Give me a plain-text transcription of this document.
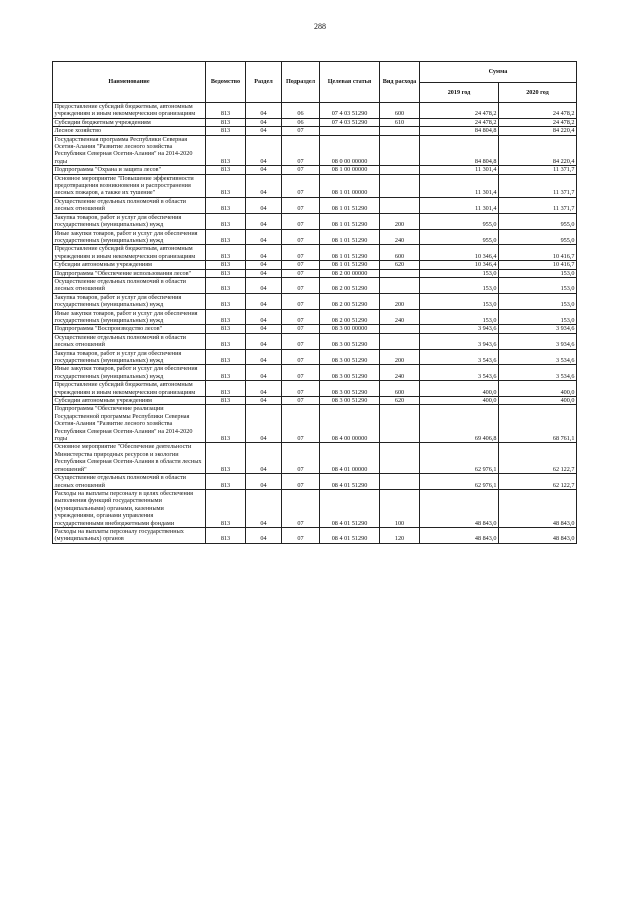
288
Наименование	Ведомство	Раздел	Подраздел	Целевая статья	Вид расхода	Сумма	
						2019 год	2020 год
Предоставление субсидий бюджетным, автономным учреждениям и иным некоммерческим организациям	813	04	06	07 4 03 51290	600	24 478,2	24 478,2
Субсидии бюджетным учреждениям	813	04	06	07 4 03 51290	610	24 478,2	24 478,2
Лесное хозяйство	813	04	07			84 804,8	84 220,4
Государственная программа Республики Северная Осетия-Алания "Развитие лесного хозяйства Республики Северная Осетия-Алания" на 2014-2020 годы	813	04	07	08 0 00 00000		84 804,8	84 220,4
Подпрограмма "Охрана и защита лесов"	813	04	07	08 1 00 00000		11 301,4	11 371,7
Основное мероприятие "Повышение эффективности предотвращения возникновения и распространения лесных пожаров, а также их тушение"	813	04	07	08 1 01 00000		11 301,4	11 371,7
Осуществление отдельных полномочий в области лесных отношений	813	04	07	08 1 01 51290		11 301,4	11 371,7
Закупка товаров, работ и услуг для обеспечения государственных (муниципальных) нужд	813	04	07	08 1 01 51290	200	955,0	955,0
Иные закупки товаров, работ и услуг для обеспечения государственных (муниципальных) нужд	813	04	07	08 1 01 51290	240	955,0	955,0
Предоставление субсидий бюджетным, автономным учреждениям и иным некоммерческим организациям	813	04	07	08 1 01 51290	600	10 346,4	10 416,7
Субсидии автономным учреждениям	813	04	07	08 1 01 51290	620	10 346,4	10 416,7
Подпрограмма "Обеспечение использования лесов"	813	04	07	08 2 00 00000		153,0	153,0
Осуществление отдельных полномочий в области лесных отношений	813	04	07	08 2 00 51290		153,0	153,0
Закупка товаров, работ и услуг для обеспечения государственных (муниципальных) нужд	813	04	07	08 2 00 51290	200	153,0	153,0
Иные закупки товаров, работ и услуг для обеспечения государственных (муниципальных) нужд	813	04	07	08 2 00 51290	240	153,0	153,0
Подпрограмма "Воспроизводство лесов"	813	04	07	08 3 00 00000		3 943,6	3 934,6
Осуществление отдельных полномочий в области лесных отношений	813	04	07	08 3 00 51290		3 943,6	3 934,6
Закупка товаров, работ и услуг для обеспечения государственных (муниципальных) нужд	813	04	07	08 3 00 51290	200	3 543,6	3 534,6
Иные закупки товаров, работ и услуг для обеспечения государственных (муниципальных) нужд	813	04	07	08 3 00 51290	240	3 543,6	3 534,6
Предоставление субсидий бюджетным, автономным учреждениям и иным некоммерческим организациям	813	04	07	08 3 00 51290	600	400,0	400,0
Субсидии автономным учреждениям	813	04	07	08 3 00 51290	620	400,0	400,0
Подпрограмма "Обеспечение реализации Государственной программы Республики Северная Осетия-Алания "Развитие лесного хозяйства Республики Северная Осетия-Алания" на 2014-2020 годы	813	04	07	08 4 00 00000		69 406,8	68 761,1
Основное мероприятие "Обеспечение деятельности Министерства природных ресурсов и экологии Республики Северная Осетия-Алания в области лесных отношений"	813	04	07	08 4 01 00000		62 976,1	62 122,7
Осуществление отдельных полномочий в области лесных отношений	813	04	07	08 4 01 51290		62 976,1	62 122,7
Расходы на выплаты персоналу в целях обеспечения выполнения функций государственными (муниципальными) органами, казенными учреждениями, органами управления государственными внебюджетными фондами	813	04	07	08 4 01 51290	100	48 843,0	48 843,0
Расходы на выплаты персоналу государственных (муниципальных) органов	813	04	07	08 4 01 51290	120	48 843,0	48 843,0
